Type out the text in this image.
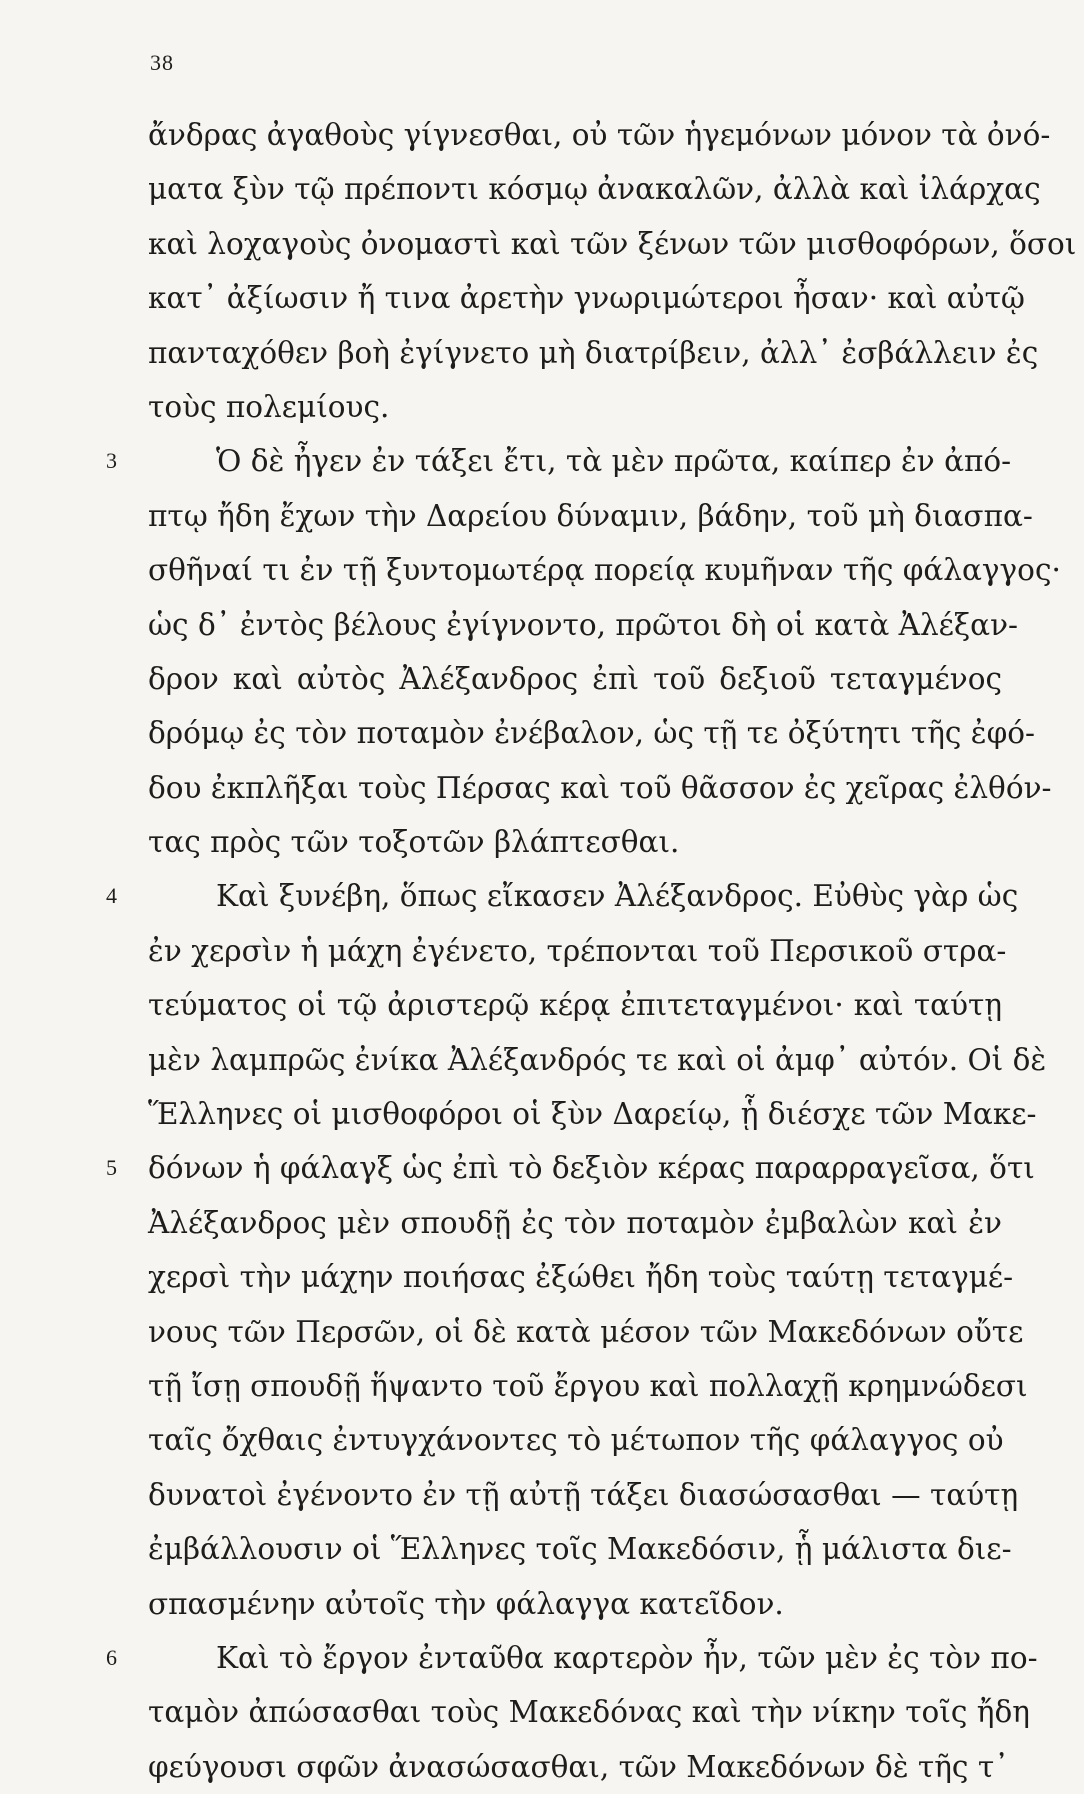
38
ἄνδρας ἀγαθοὺς γίγνεσθαι, οὐ τῶν ἡγεμόνων μόνον τὰ ὀνό-
ματα ξὺν τῷ πρέποντι κόσμῳ ἀνακαλῶν, ἀλλὰ καὶ ἰλάρχας
καὶ λοχαγοὺς ὀνομαστὶ καὶ τῶν ξένων τῶν μισθοφόρων, ὅσοι
κατ᾽ ἀξίωσιν ἤ τινα ἀρετὴν γνωριμώτεροι ἦσαν· καὶ αὐτῷ
πανταχόθεν βοὴ ἐγίγνετο μὴ διατρίβειν, ἀλλ᾽ ἐσβάλλειν ἐς
τοὺς πολεμίους.
3	Ὁ δὲ ἦγεν ἐν τάξει ἔτι, τὰ μὲν πρῶτα, καίπερ ἐν ἀπό-
πτῳ ἤδη ἔχων τὴν Δαρείου δύναμιν, βάδην, τοῦ μὴ διασπα-
σθῆναί τι ἐν τῇ ξυντομωτέρᾳ πορείᾳ κυμῆναν τῆς φάλαγγος·
ὡς δ᾽ ἐντὸς βέλους ἐγίγνοντο, πρῶτοι δὴ οἱ κατὰ Ἀλέξαν-
δρον καὶ αὐτὸς Ἀλέξανδρος ἐπὶ τοῦ δεξιοῦ τεταγμένος
δρόμῳ ἐς τὸν ποταμὸν ἐνέβαλον, ὡς τῇ τε ὀξύτητι τῆς ἐφό-
δου ἐκπλῆξαι τοὺς Πέρσας καὶ τοῦ θᾶσσον ἐς χεῖρας ἐλθόν-
τας πρὸς τῶν τοξοτῶν βλάπτεσθαι.
4	Καὶ ξυνέβη, ὅπως εἴκασεν Ἀλέξανδρος. Εὐθὺς γὰρ ὡς
ἐν χερσὶν ἡ μάχη ἐγένετο, τρέπονται τοῦ Περσικοῦ στρα-
τεύματος οἱ τῷ ἀριστερῷ κέρᾳ ἐπιτεταγμένοι· καὶ ταύτῃ
μὲν λαμπρῶς ἐνίκα Ἀλέξανδρός τε καὶ οἱ ἀμφ᾽ αὐτόν. Οἱ δὲ
Ἕλληνες οἱ μισθοφόροι οἱ ξὺν Δαρείῳ, ᾗ διέσχε τῶν Μακε-
5 δόνων ἡ φάλαγξ ὡς ἐπὶ τὸ δεξιὸν κέρας παραρραγεῖσα, ὅτι
Ἀλέξανδρος μὲν σπουδῇ ἐς τὸν ποταμὸν ἐμβαλὼν καὶ ἐν
χερσὶ τὴν μάχην ποιήσας ἐξώθει ἤδη τοὺς ταύτῃ τεταγμέ-
νους τῶν Περσῶν, οἱ δὲ κατὰ μέσον τῶν Μακεδόνων οὔτε
τῇ ἴσῃ σπουδῇ ἥψαντο τοῦ ἔργου καὶ πολλαχῇ κρημνώδεσι
ταῖς ὄχθαις ἐντυγχάνοντες τὸ μέτωπον τῆς φάλαγγος οὐ
δυνατοὶ ἐγένοντο ἐν τῇ αὐτῇ τάξει διασώσασθαι — ταύτῃ
ἐμβάλλουσιν οἱ Ἕλληνες τοῖς Μακεδόσιν, ᾗ μάλιστα διε-
σπασμένην αὐτοῖς τὴν φάλαγγα κατεῖδον.
6	Καὶ τὸ ἔργον ἐνταῦθα καρτερὸν ἦν, τῶν μὲν ἐς τὸν πο-
ταμὸν ἀπώσασθαι τοὺς Μακεδόνας καὶ τὴν νίκην τοῖς ἤδη
φεύγουσι σφῶν ἀνασώσασθαι, τῶν Μακεδόνων δὲ τῆς τ᾽
